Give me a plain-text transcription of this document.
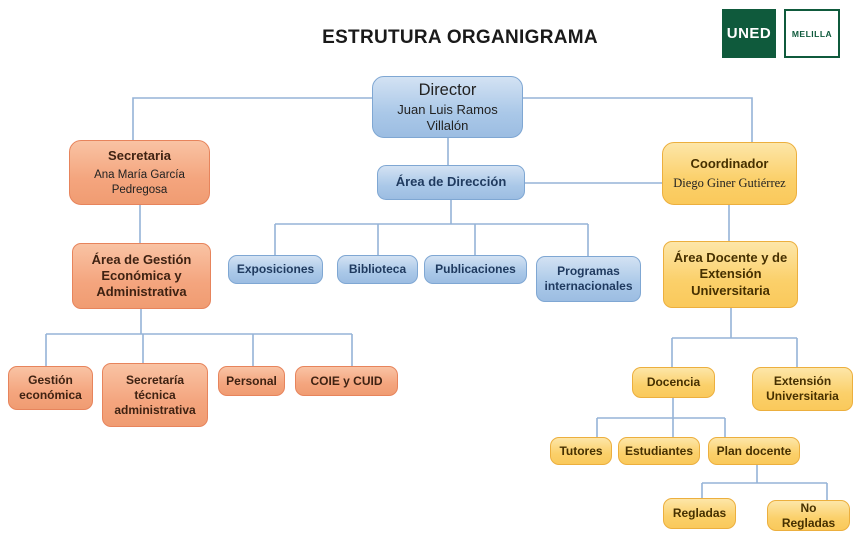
ESTRUTURA ORGANIGRAMA	UNED	MELILLA
Director
Juan Luis Ramos Villalón
Secretaria
Ana María García Pedregosa
Coordinador
Diego Giner Gutiérrez
Área de Dirección
Exposiciones	Biblioteca Publicaciones	Programas internacionales
Área de Gestión Económica y Administrativa
Gestión económica
Secretaría técnica administrativa
Personal	COIE y CUID
Área Docente y de Extensión Universitaria
Docencia	Extensión Universitaria
Tutores Estudiantes Plan docente
Regladas	No Regladas
